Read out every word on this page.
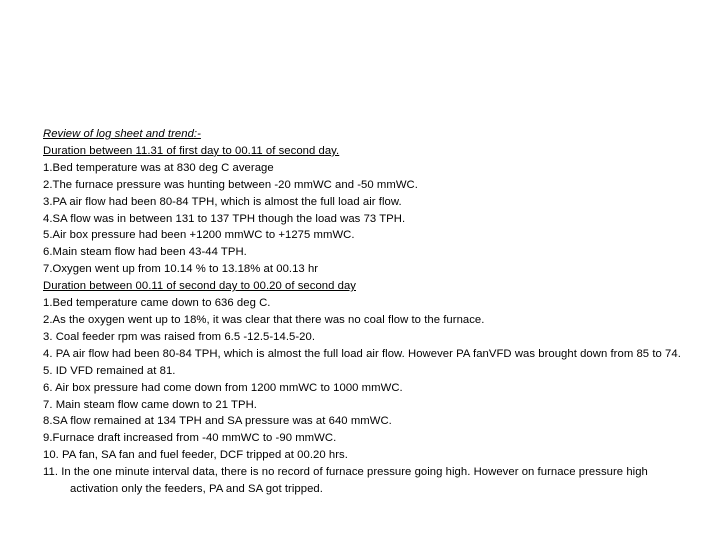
Review of log sheet and trend:-
Duration between 11.31 of first day to 00.11 of second day.
1.Bed temperature was at 830 deg C average
2.The furnace pressure was hunting between -20 mmWC and -50 mmWC.
3.PA air flow had been 80-84 TPH, which is almost the full load air flow.
4.SA flow was in between 131 to 137 TPH though the load was 73 TPH.
5.Air box pressure had been +1200 mmWC to +1275 mmWC.
6.Main steam flow had been 43-44 TPH.
7.Oxygen went up from 10.14 % to 13.18% at 00.13 hr
Duration between 00.11 of second day to 00.20 of second day
1.Bed temperature came down to 636 deg C.
2.As the oxygen went up to 18%, it was clear that there was no coal flow to the furnace.
3. Coal feeder rpm was raised from 6.5 -12.5-14.5-20.
4. PA air flow had been 80-84 TPH, which is almost the full load air flow. However PA fanVFD was brought down from 85 to 74.
5. ID VFD remained at 81.
6. Air box pressure had come down from 1200 mmWC to 1000 mmWC.
7. Main steam flow came down to 21 TPH.
8.SA flow remained at 134 TPH and SA pressure was at 640 mmWC.
9.Furnace draft increased from -40 mmWC to -90 mmWC.
10. PA fan, SA fan and fuel feeder, DCF tripped at 00.20 hrs.
11. In the one minute interval data, there is no record of furnace pressure going high. However on furnace pressure high activation only the feeders, PA and SA got tripped.
